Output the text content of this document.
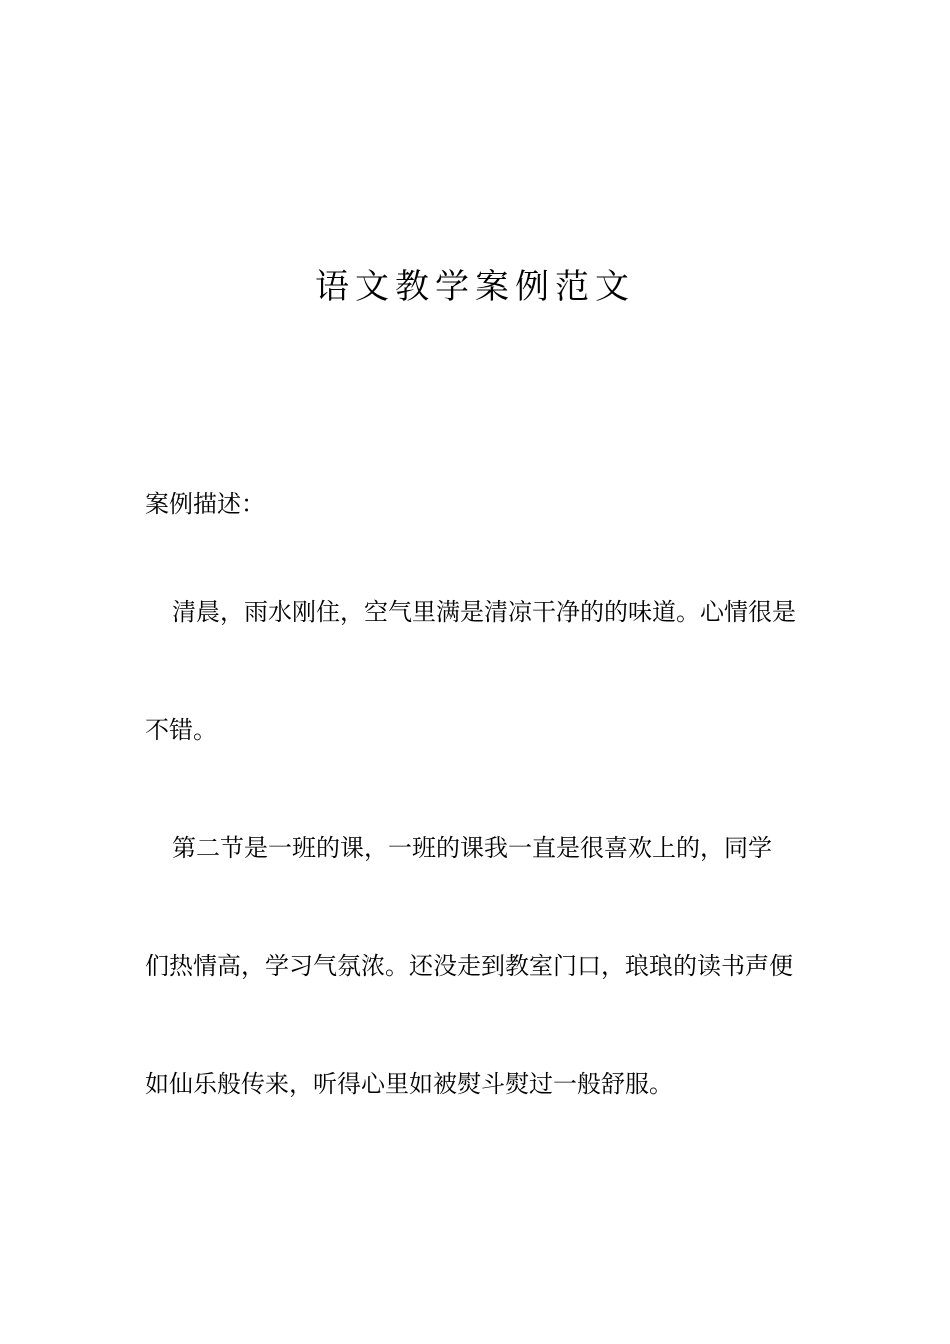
语文教学案例范文
案例描述：
清晨，雨水刚住，空气里满是清凉干净的的味道。心情很是
不错。
第二节是一班的课，一班的课我一直是很喜欢上的，同学
们热情高，学习气氛浓。还没走到教室门口，琅琅的读书声便
如仙乐般传来，听得心里如被熨斗熨过一般舒服。
